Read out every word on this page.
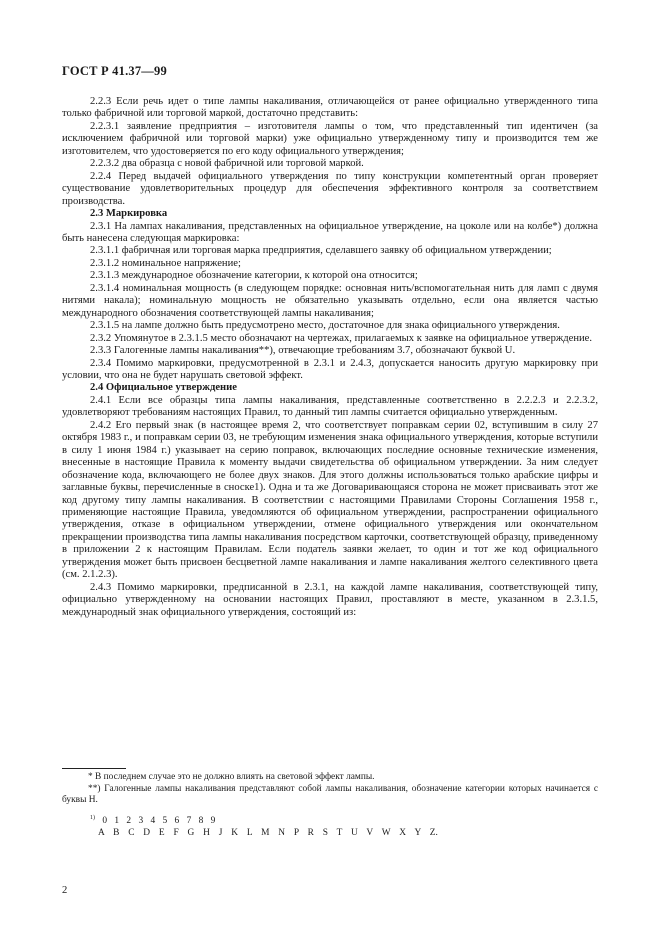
ГОСТ Р 41.37—99

2.2.3 Если речь идет о типе лампы накаливания, отличающейся от ранее официально утвержденного типа только фабричной или торговой маркой, достаточно представить:

2.2.3.1 заявление предприятия – изготовителя лампы о том, что представленный тип идентичен (за исключением фабричной или торговой марки) уже официально утвержденному типу и производится тем же изготовителем, что удостоверяется по его коду официального утверждения;

2.2.3.2 два образца с новой фабричной или торговой маркой.

2.2.4 Перед выдачей официального утверждения по типу конструкции компетентный орган проверяет существование удовлетворительных процедур для обеспечения эффективного контроля за соответствием производства.

2.3 Маркировка

2.3.1 На лампах накаливания, представленных на официальное утверждение, на цоколе или на колбе*) должна быть нанесена следующая маркировка:

2.3.1.1 фабричная или торговая марка предприятия, сделавшего заявку об официальном утверждении;

2.3.1.2 номинальное напряжение;

2.3.1.3 международное обозначение категории, к которой она относится;

2.3.1.4 номинальная мощность (в следующем порядке: основная нить/вспомогательная нить для ламп с двумя нитями накала); номинальную мощность не обязательно указывать отдельно, если она является частью международного обозначения соответствующей лампы накаливания;

2.3.1.5 на лампе должно быть предусмотрено место, достаточное для знака официального утверждения.

2.3.2 Упомянутое в 2.3.1.5 место обозначают на чертежах, прилагаемых к заявке на официальное утверждение.

2.3.3 Галогенные лампы накаливания**), отвечающие требованиям 3.7, обозначают буквой U.

2.3.4 Помимо маркировки, предусмотренной в 2.3.1 и 2.4.3, допускается наносить другую маркировку при условии, что она не будет нарушать световой эффект.

2.4 Официальное утверждение

2.4.1 Если все образцы типа лампы накаливания, представленные соответственно в 2.2.2.3 и 2.2.3.2, удовлетворяют требованиям настоящих Правил, то данный тип лампы считается официально утвержденным.

2.4.2 Его первый знак (в настоящее время 2, что соответствует поправкам серии 02, вступившим в силу 27 октября 1983 г., и поправкам серии 03, не требующим изменения знака официального утверждения, которые вступили в силу 1 июня 1984 г.) указывает на серию поправок, включающих последние основные технические изменения, внесенные в настоящие Правила к моменту выдачи свидетельства об официальном утверждении. За ним следует обозначение кода, включающего не более двух знаков. Для этого должны использоваться только арабские цифры и заглавные буквы, перечисленные в сноске1). Одна и та же Договаривающаяся сторона не может присваивать этот же код другому типу лампы накаливания. В соответствии с настоящими Правилами Стороны Соглашения 1958 г., применяющие настоящие Правила, уведомляются об официальном утверждении, распространении официального утверждения, отказе в официальном утверждении, отмене официального утверждения или окончательном прекращении производства типа лампы накаливания посредством карточки, соответствующей образцу, приведенному в приложении 2 к настоящим Правилам. Если податель заявки желает, то один и тот же код официального утверждения может быть присвоен бесцветной лампе накаливания и лампе накаливания желтого селективного цвета (см. 2.1.2.3).

2.4.3 Помимо маркировки, предписанной в 2.3.1, на каждой лампе накаливания, соответствующей типу, официально утвержденному на основании настоящих Правил, проставляют в месте, указанном в 2.3.1.5, международный знак официального утверждения, состоящий из:

* В последнем случае это не должно влиять на световой эффект лампы.

**) Галогенные лампы накаливания представляют собой лампы накаливания, обозначение категории которых начинается с буквы H.

$^{1)}$ 0 1 2 3 4 5 6 7 8 9
A B C D E F G H J K L M N P R S T U V W X Y Z.
2
